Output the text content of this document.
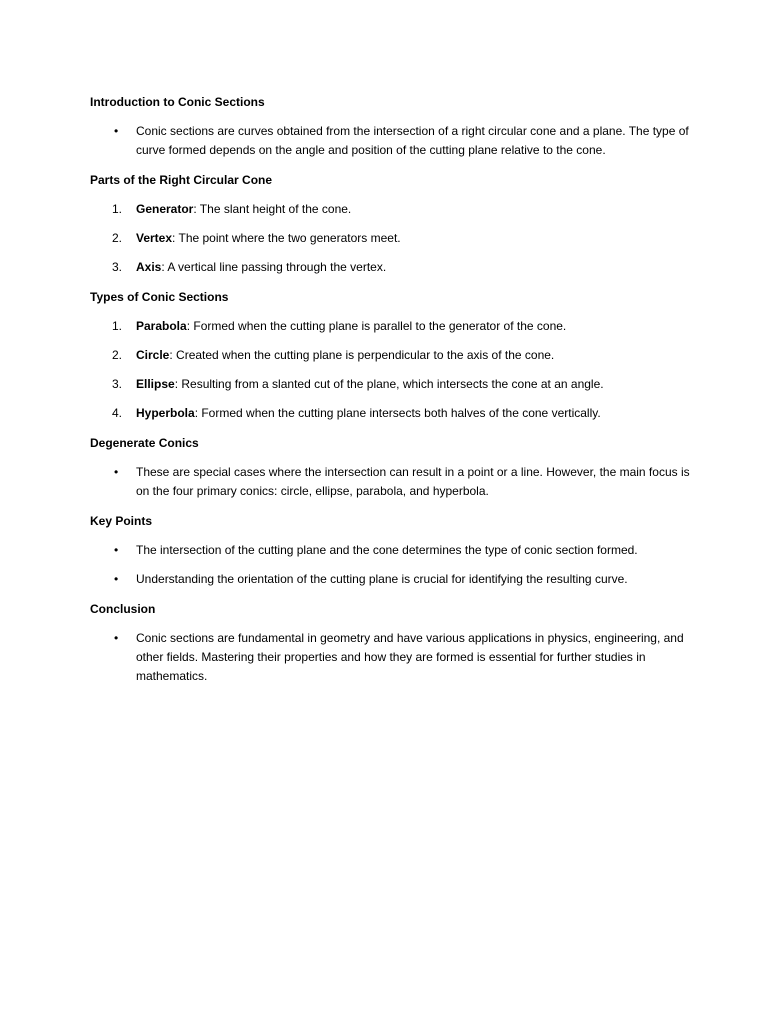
Introduction to Conic Sections
•	Conic sections are curves obtained from the intersection of a right circular cone and a plane. The type of curve formed depends on the angle and position of the cutting plane relative to the cone.
Parts of the Right Circular Cone
1.	Generator: The slant height of the cone.
2.	Vertex: The point where the two generators meet.
3.	Axis: A vertical line passing through the vertex.
Types of Conic Sections
1.	Parabola: Formed when the cutting plane is parallel to the generator of the cone.
2.	Circle: Created when the cutting plane is perpendicular to the axis of the cone.
3.	Ellipse: Resulting from a slanted cut of the plane, which intersects the cone at an angle.
4.	Hyperbola: Formed when the cutting plane intersects both halves of the cone vertically.
Degenerate Conics
•	These are special cases where the intersection can result in a point or a line. However, the main focus is on the four primary conics: circle, ellipse, parabola, and hyperbola.
Key Points
•	The intersection of the cutting plane and the cone determines the type of conic section formed.
•	Understanding the orientation of the cutting plane is crucial for identifying the resulting curve.
Conclusion
•	Conic sections are fundamental in geometry and have various applications in physics, engineering, and other fields. Mastering their properties and how they are formed is essential for further studies in mathematics.
